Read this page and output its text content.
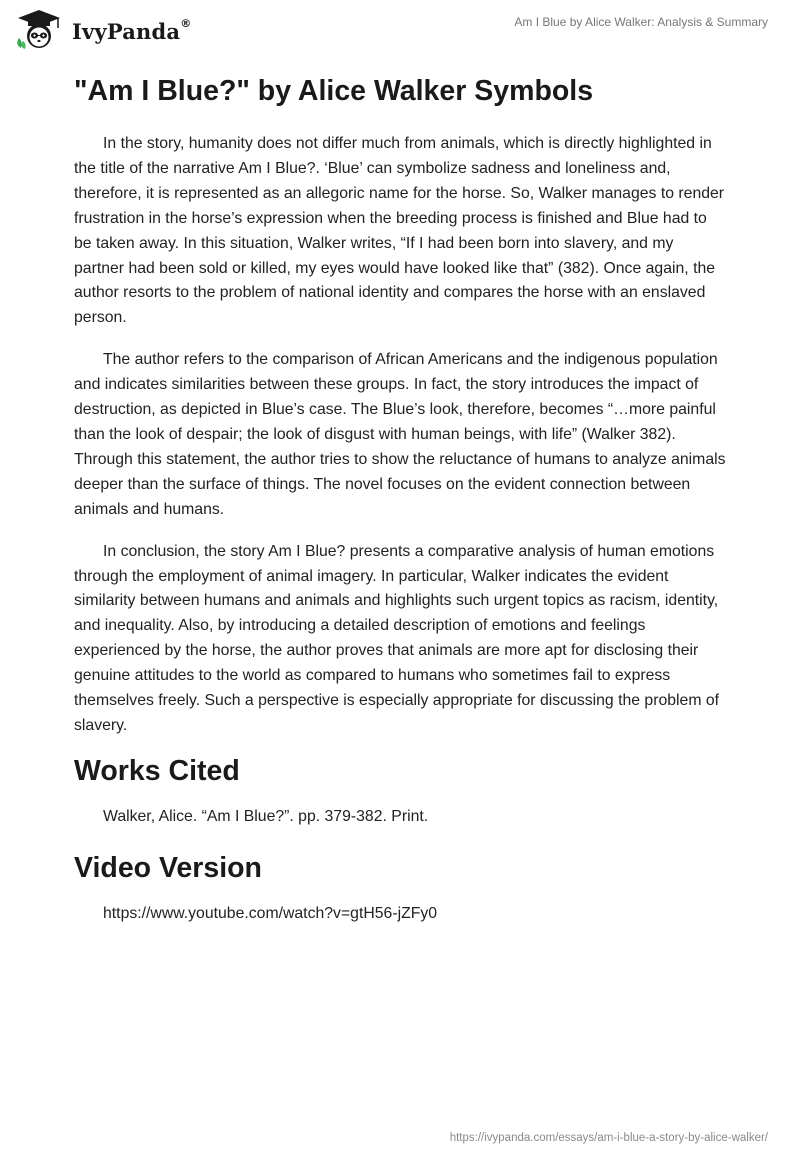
IvyPanda®	Am I Blue by Alice Walker: Analysis & Summary
"Am I Blue?" by Alice Walker Symbols

In the story, humanity does not differ much from animals, which is directly highlighted in the title of the narrative Am I Blue?. ‘Blue’ can symbolize sadness and loneliness and, therefore, it is represented as an allegoric name for the horse. So, Walker manages to render frustration in the horse’s expression when the breeding process is finished and Blue had to be taken away. In this situation, Walker writes, “If I had been born into slavery, and my partner had been sold or killed, my eyes would have looked like that” (382). Once again, the author resorts to the problem of national identity and compares the horse with an enslaved person.

The author refers to the comparison of African Americans and the indigenous population and indicates similarities between these groups. In fact, the story introduces the impact of destruction, as depicted in Blue’s case. The Blue’s look, therefore, becomes “…more painful than the look of despair; the look of disgust with human beings, with life” (Walker 382). Through this statement, the author tries to show the reluctance of humans to analyze animals deeper than the surface of things. The novel focuses on the evident connection between animals and humans.

In conclusion, the story Am I Blue? presents a comparative analysis of human emotions through the employment of animal imagery. In particular, Walker indicates the evident similarity between humans and animals and highlights such urgent topics as racism, identity, and inequality. Also, by introducing a detailed description of emotions and feelings experienced by the horse, the author proves that animals are more apt for disclosing their genuine attitudes to the world as compared to humans who sometimes fail to express themselves freely. Such a perspective is especially appropriate for discussing the problem of slavery.

Works Cited
Walker, Alice. “Am I Blue?”. pp. 379-382. Print.
Video Version
https://www.youtube.com/watch?v=gtH56-jZFy0
https://ivypanda.com/essays/am-i-blue-a-story-by-alice-walker/
